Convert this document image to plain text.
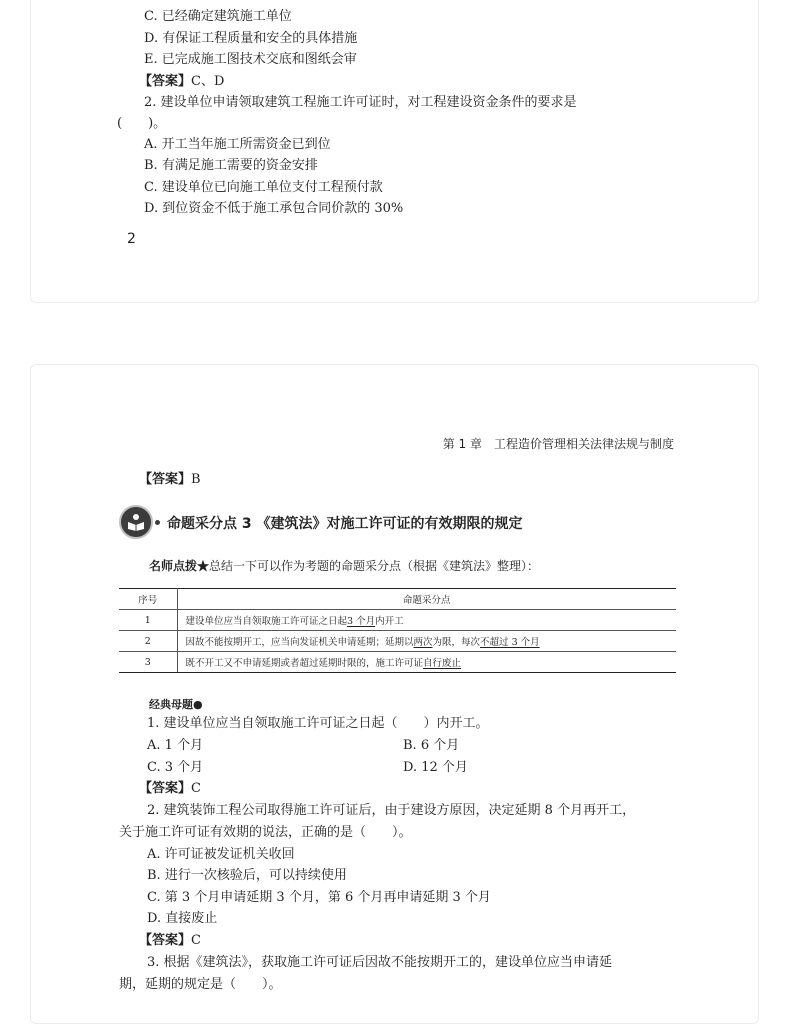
C. 已经确定建筑施工单位
D. 有保证工程质量和安全的具体措施
E. 已完成施工图技术交底和图纸会审
【答案】C、D
2. 建设单位申请领取建筑工程施工许可证时，对工程建设资金条件的要求是
(　　)。
A. 开工当年施工所需资金已到位
B. 有满足施工需要的资金安排
C. 建设单位已向施工单位支付工程预付款
D. 到位资金不低于施工承包合同价款的 30%
2
第 1 章　工程造价管理相关法律法规与制度
【答案】B
命题采分点 3 《建筑法》对施工许可证的有效期限的规定
名师点拨★总结一下可以作为考题的命题采分点（根据《建筑法》整理）：
序号	命题采分点
1	建设单位应当自领取施工许可证之日起3 个月内开工
2	因故不能按期开工，应当向发证机关申请延期；延期以两次为限，每次不超过 3 个月
3	既不开工又不申请延期或者超过延期时限的，施工许可证自行废止
经典母题●
1. 建设单位应当自领取施工许可证之日起（　　）内开工。
A. 1 个月	B. 6 个月
C. 3 个月	D. 12 个月
【答案】C
2. 建筑装饰工程公司取得施工许可证后，由于建设方原因，决定延期 8 个月再开工，
关于施工许可证有效期的说法，正确的是（　　）。
A. 许可证被发证机关收回
B. 进行一次核验后，可以持续使用
C. 第 3 个月申请延期 3 个月，第 6 个月再申请延期 3 个月
D. 直接废止
【答案】C
3. 根据《建筑法》，获取施工许可证后因故不能按期开工的，建设单位应当申请延
期，延期的规定是（　　）。
